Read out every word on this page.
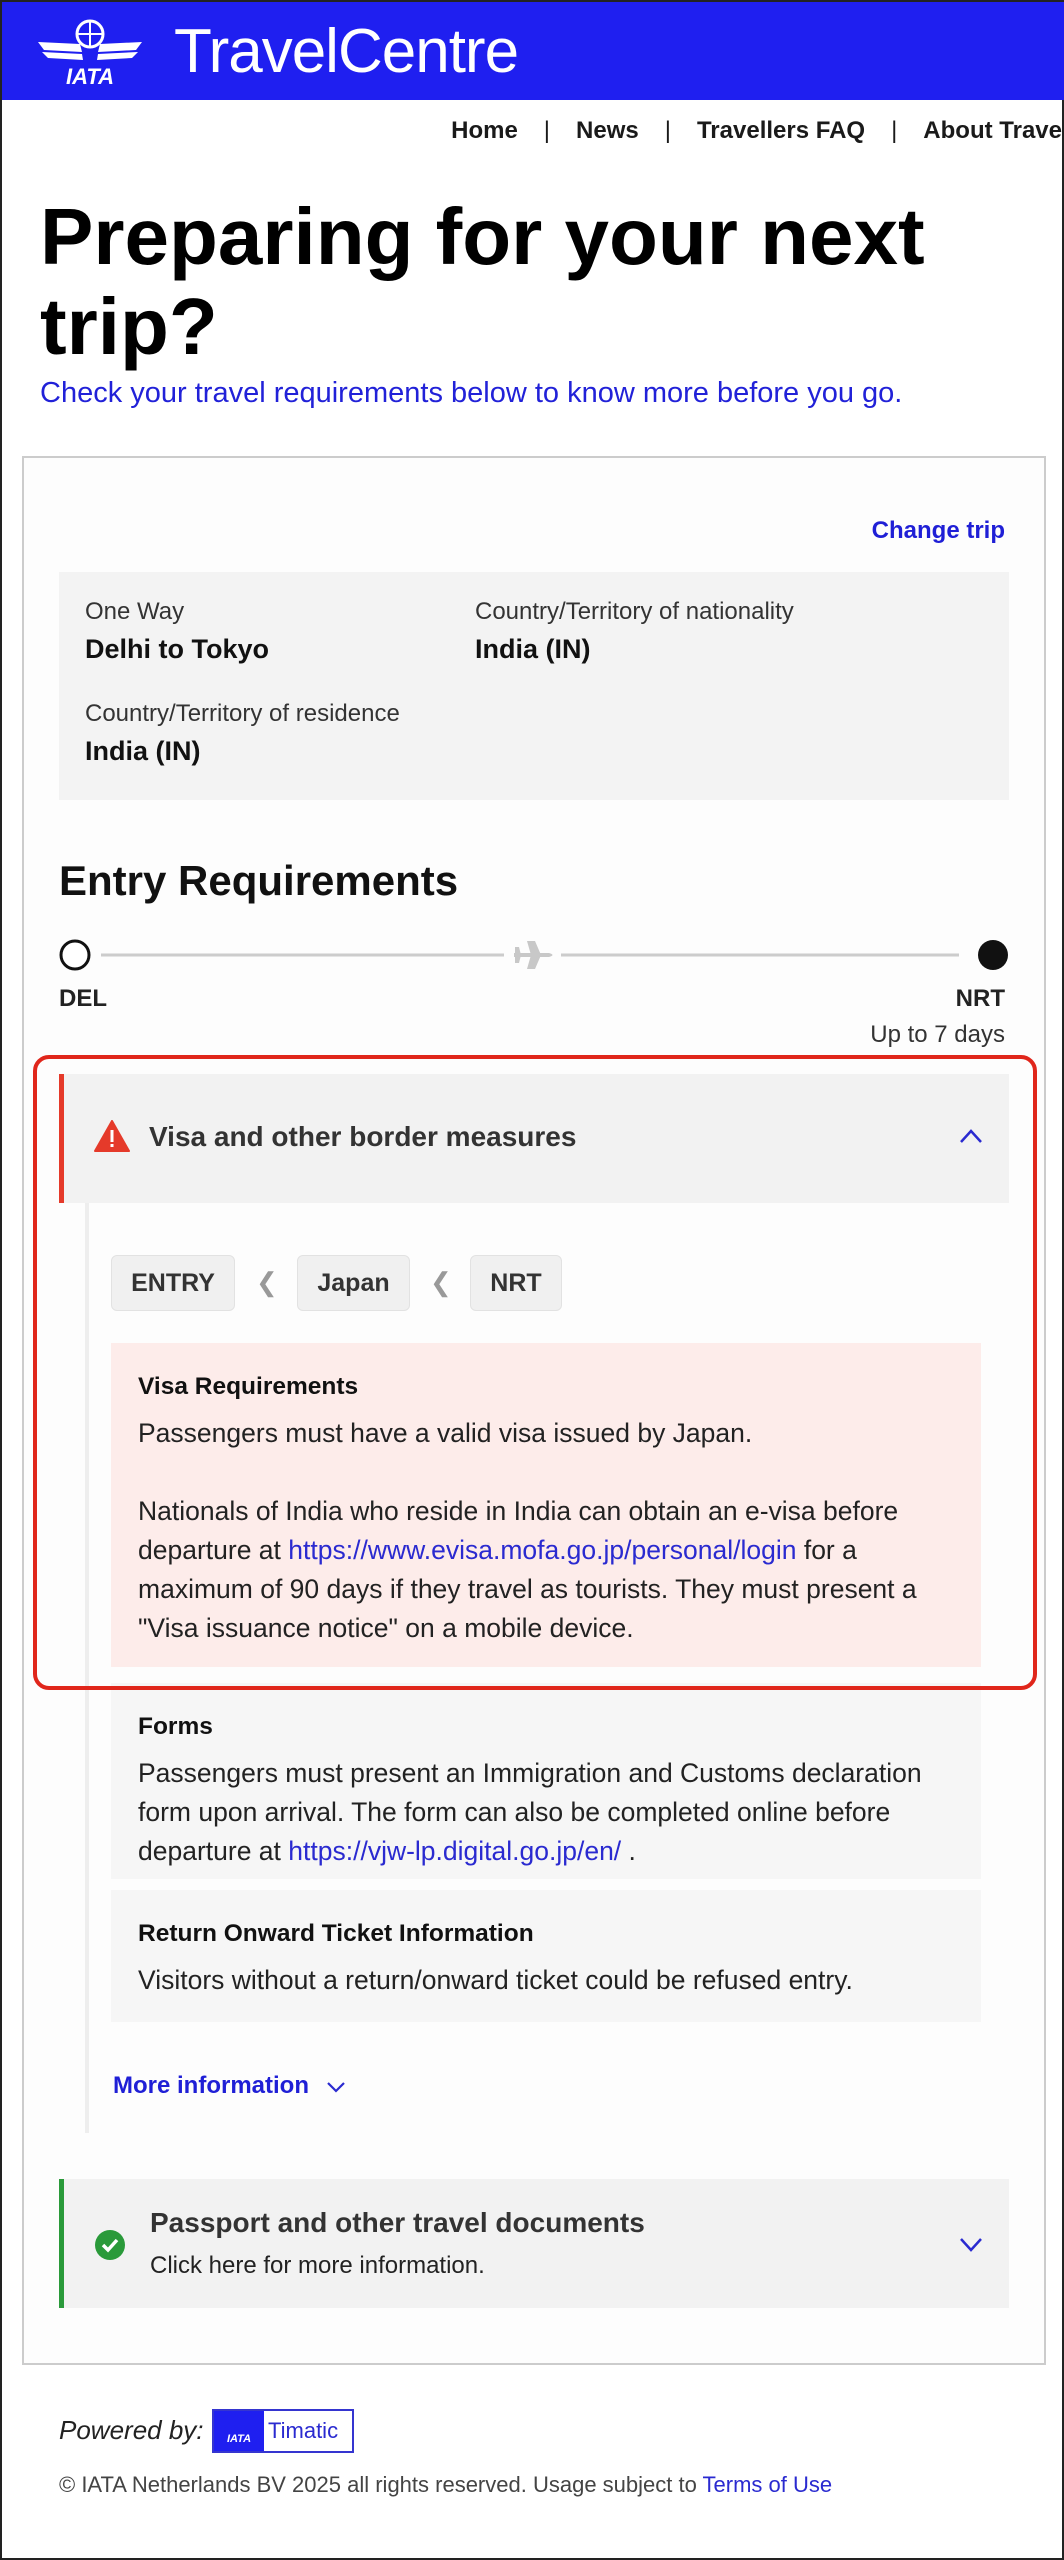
IATA TravelCentre
Home | News | Travellers FAQ | About Trave
Preparing for your next trip?
Check your travel requirements below to know more before you go.
Change trip
One Way
Delhi to Tokyo
Country/Territory of nationality
India (IN)
Country/Territory of residence
India (IN)
Entry Requirements
DEL	NRT
Up to 7 days
Visa and other border measures
ENTRY	❮	Japan	❮	NRT
Visa Requirements

Passengers must have a valid visa issued by Japan.

Nationals of India who reside in India can obtain an e-visa before departure at https://www.evisa.mofa.go.jp/personal/login for a maximum of 90 days if they travel as tourists. They must present a "Visa issuance notice" on a mobile device.

Forms

Passengers must present an Immigration and Customs declaration form upon arrival. The form can also be completed online before departure at https://vjw-lp.digital.go.jp/en/ .

Return Onward Ticket Information

Visitors without a return/onward ticket could be refused entry.

More information
Passport and other travel documents
Click here for more information.
Powered by:	IATA Timatic
© IATA Netherlands BV 2025 all rights reserved. Usage subject to Terms of Use
